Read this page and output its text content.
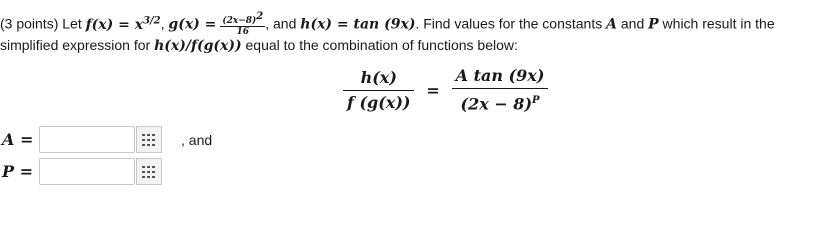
(3 points) Let $f(x) = x^{3/2}$, $g(x) = \frac{(2x-8)^2}{16}$ , and h(x) = tan (9x). Find values for the constants A and P which result in the
simplified expression for h(x)/f(g(x)) equal to the combination of functions below:
$\frac{h(x)}{f (g(x))} = \frac{\text{A tan (9x)}}{(2x - 8)^P}$
A =	, and
P =
